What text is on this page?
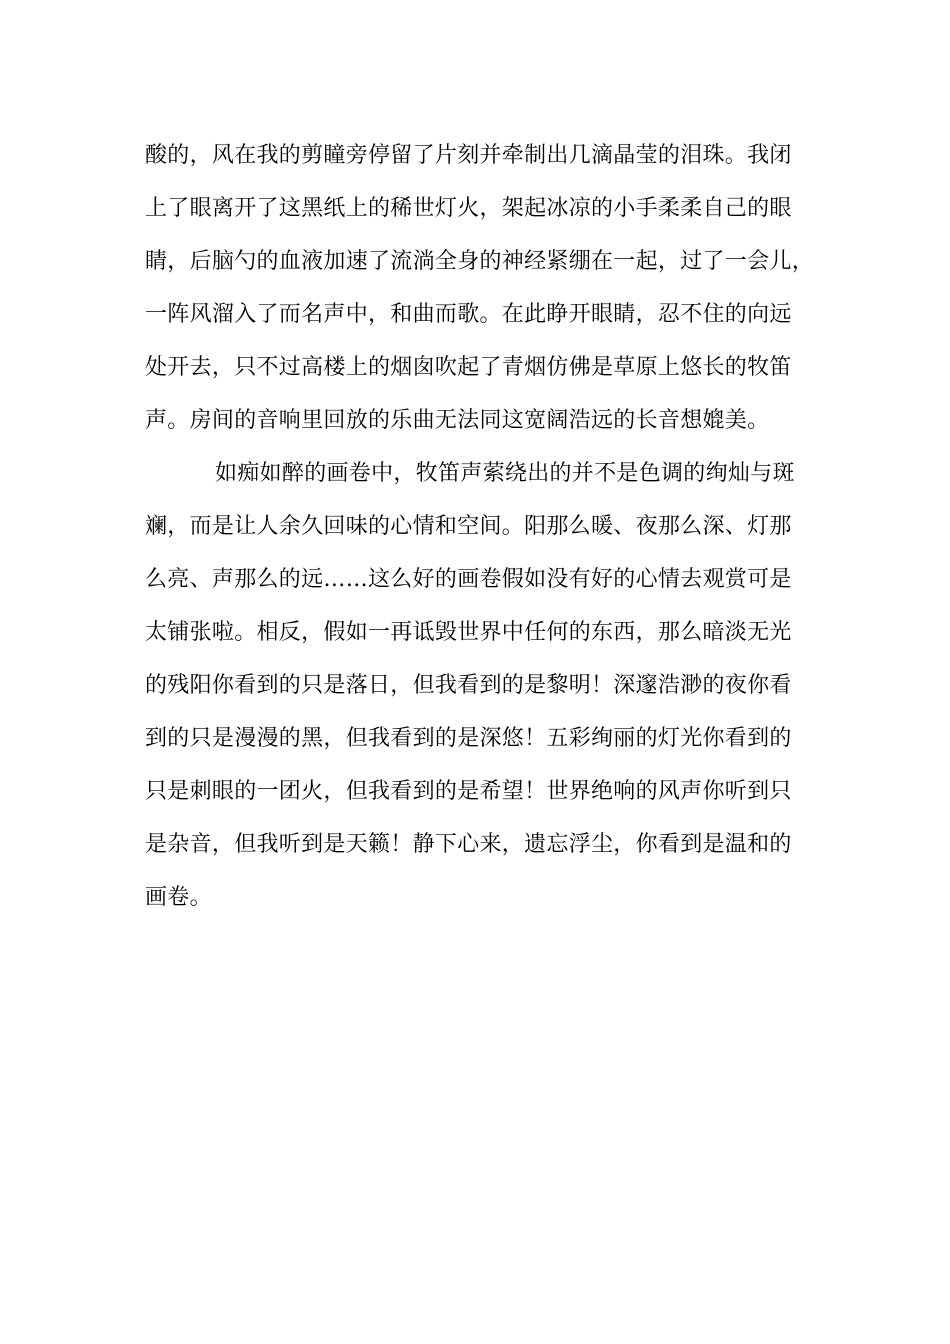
酸的，风在我的剪瞳旁停留了片刻并牵制出几滴晶莹的泪珠。我闭
上了眼离开了这黑纸上的稀世灯火，架起冰凉的小手柔柔自己的眼
睛，后脑勺的血液加速了流淌全身的神经紧绷在一起，过了一会儿，
一阵风溜入了而名声中，和曲而歌。在此睁开眼睛，忍不住的向远
处开去，只不过高楼上的烟囱吹起了青烟仿佛是草原上悠长的牧笛
声。房间的音响里回放的乐曲无法同这宽阔浩远的长音想媲美。
如痴如醉的画卷中，牧笛声萦绕出的并不是色调的绚灿与斑
斓，而是让人余久回味的心情和空间。阳那么暖、夜那么深、灯那
么亮、声那么的远……这么好的画卷假如没有好的心情去观赏可是
太铺张啦。相反，假如一再诋毁世界中任何的东西，那么暗淡无光
的残阳你看到的只是落日，但我看到的是黎明！深邃浩渺的夜你看
到的只是漫漫的黑，但我看到的是深悠！五彩绚丽的灯光你看到的
只是刺眼的一团火，但我看到的是希望！世界绝响的风声你听到只
是杂音，但我听到是天籁！静下心来，遗忘浮尘，你看到是温和的
画卷。
